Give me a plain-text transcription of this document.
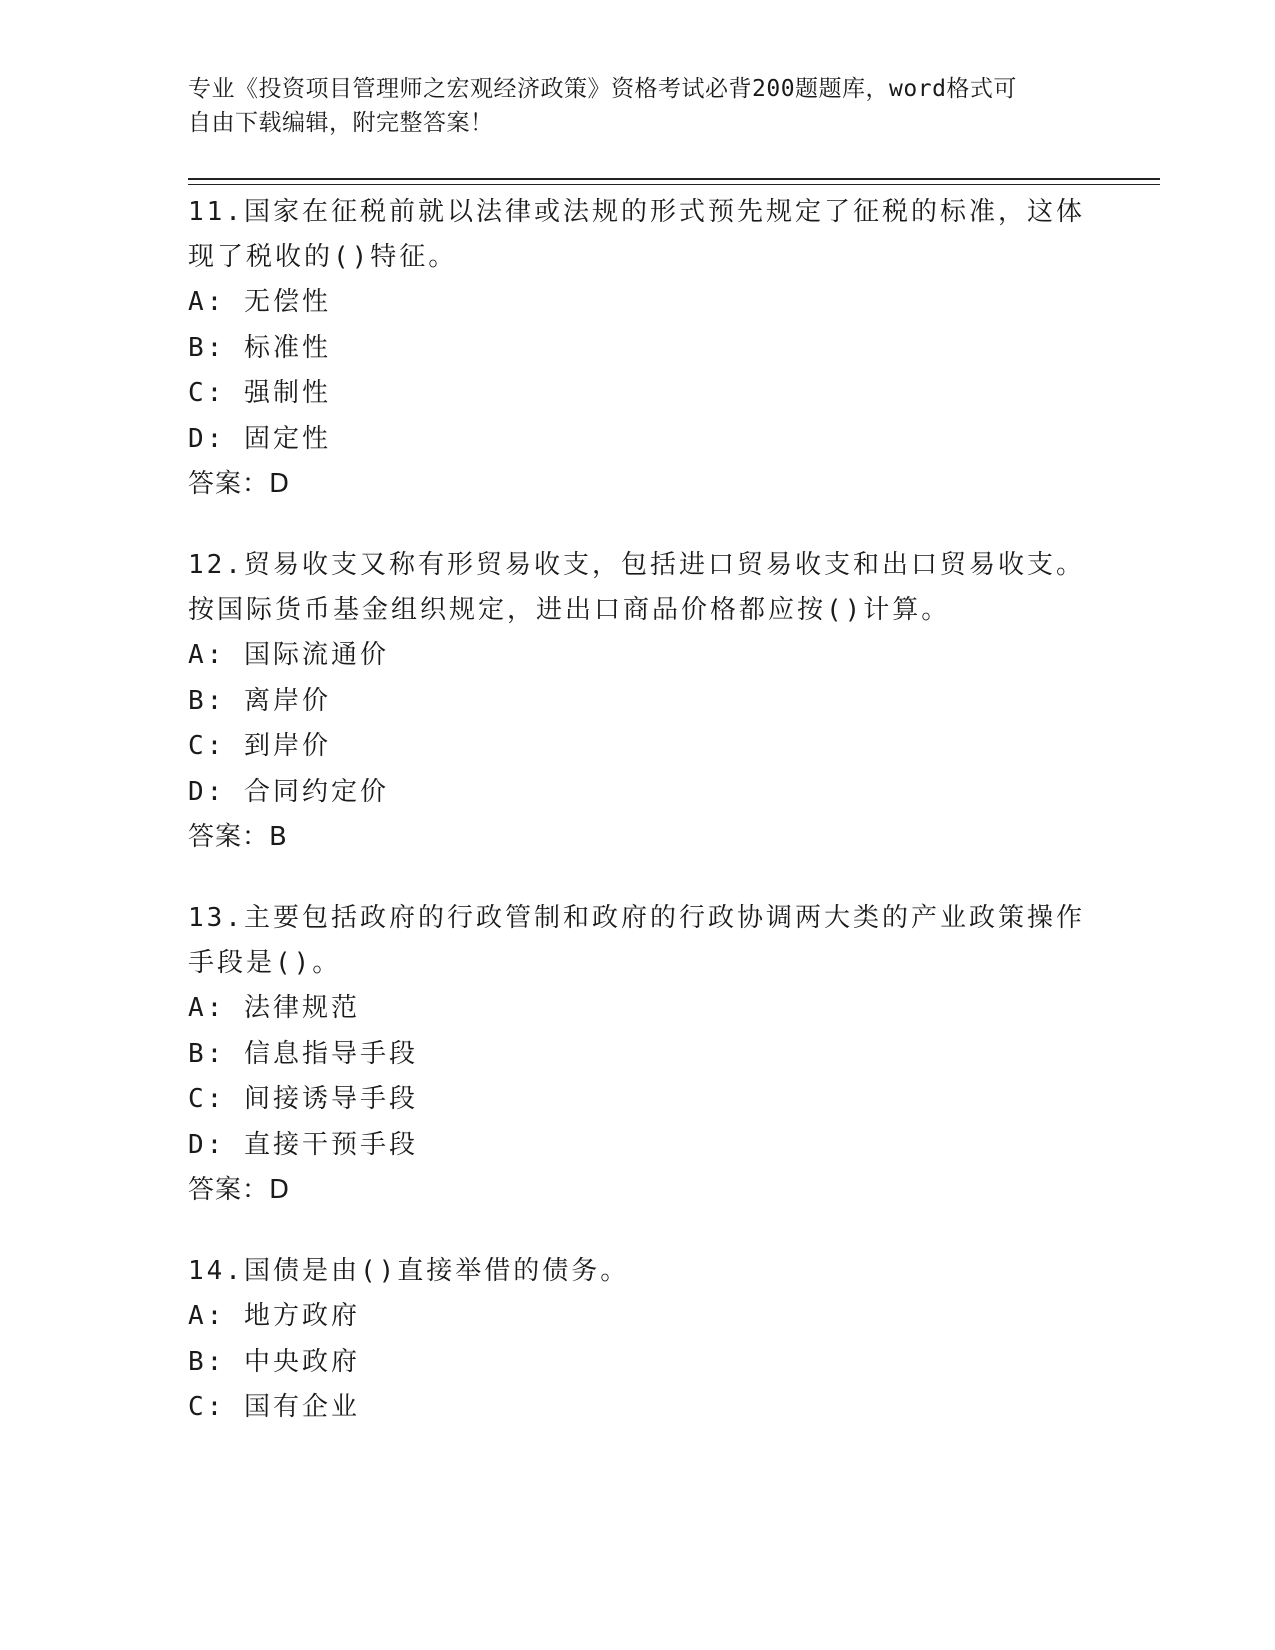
专业《投资项目管理师之宏观经济政策》资格考试必背200题题库，word格式可
自由下载编辑，附完整答案！
11.国家在征税前就以法律或法规的形式预先规定了征税的标准，这体
现了税收的()特征。
A: 无偿性
B: 标准性
C: 强制性
D: 固定性
答案：D
12.贸易收支又称有形贸易收支，包括进口贸易收支和出口贸易收支。
按国际货币基金组织规定，进出口商品价格都应按()计算。
A: 国际流通价
B: 离岸价
C: 到岸价
D: 合同约定价
答案：B
13.主要包括政府的行政管制和政府的行政协调两大类的产业政策操作
手段是()。
A: 法律规范
B: 信息指导手段
C: 间接诱导手段
D: 直接干预手段
答案：D
14.国债是由()直接举借的债务。
A: 地方政府
B: 中央政府
C: 国有企业
